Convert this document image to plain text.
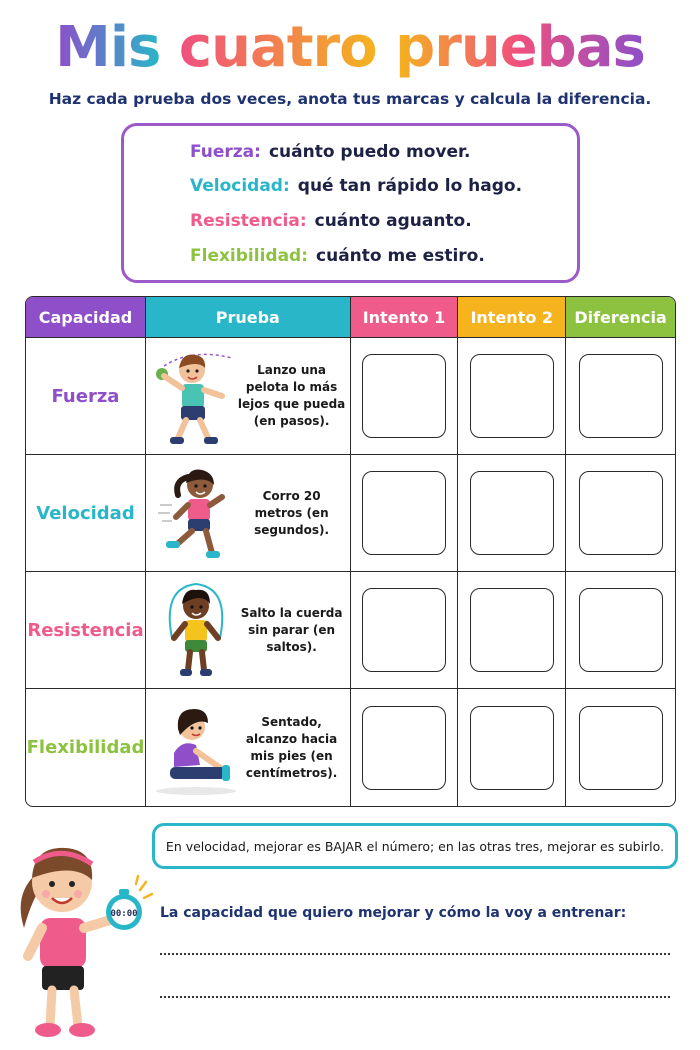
Mis cuatro pruebas
Haz cada prueba dos veces, anota tus marcas y calcula la diferencia.
Fuerza: cuánto puedo mover.
Velocidad: qué tan rápido lo hago.
Resistencia: cuánto aguanto.
Flexibilidad: cuánto me estiro.
Capacidad	Prueba	Intento 1	Intento 2	Diferencia
Fuerza	Lanzo una pelota lo más lejos que pueda (en pasos).			

Velocidad	Corro 20 metros (en segundos).			

Resistencia	Salto la cuerda sin parar (en saltos).			

Flexibilidad	Sentado, alcanzo hacia mis pies (en centímetros).			

00:00
En velocidad, mejorar es BAJAR el número; en las otras tres, mejorar es subirlo.
La capacidad que quiero mejorar y cómo la voy a entrenar:
